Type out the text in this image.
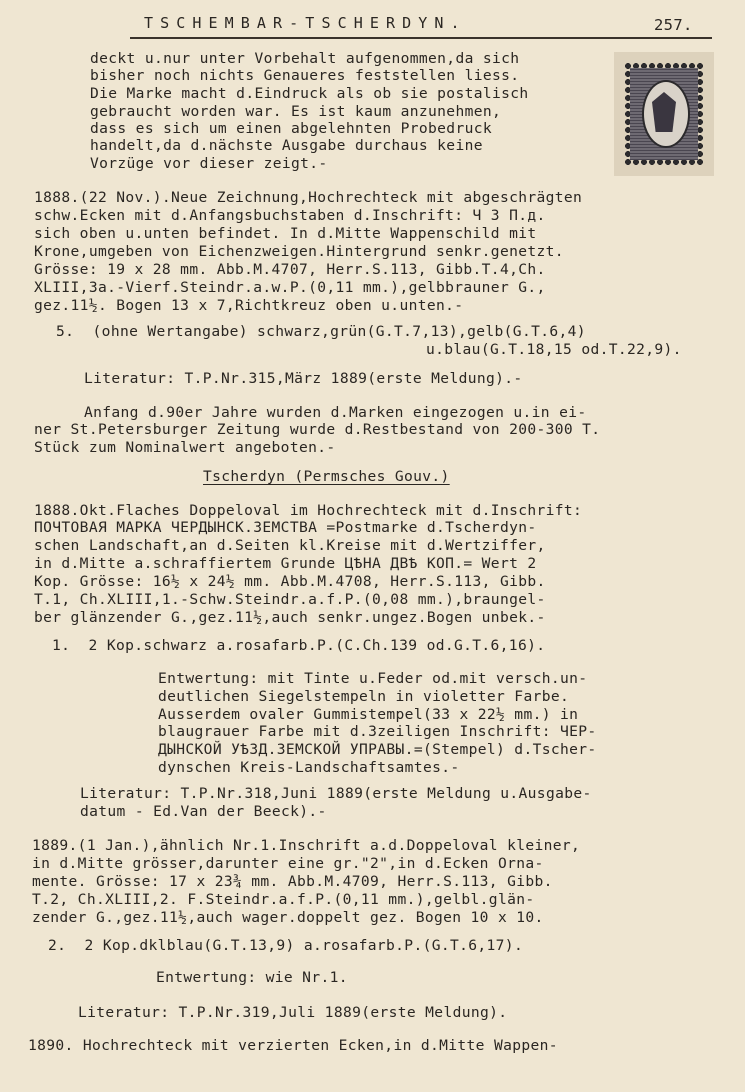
TSCHEMBAR-TSCHERDYN.	257.
deckt u.nur unter Vorbehalt aufgenommen,da sich
bisher noch nichts Genaueres feststellen liess.
Die Marke macht d.Eindruck als ob sie postalisch
gebraucht worden war. Es ist kaum anzunehmen,
dass es sich um einen abgelehnten Probedruck
handelt,da d.nächste Ausgabe durchaus keine
Vorzüge vor dieser zeigt.-
1888.(22 Nov.).Neue Zeichnung,Hochrechteck mit abgeschrägten
schw.Ecken mit d.Anfangsbuchstaben d.Inschrift: Ч З П.д.
sich oben u.unten befindet. In d.Mitte Wappenschild mit
Krone,umgeben von Eichenzweigen.Hintergrund senkr.genetzt.
Grösse: 19 x 28 mm. Abb.M.4707, Herr.S.113, Gibb.T.4,Ch.
XLIII,3a.-Vierf.Steindr.a.w.P.(0,11 mm.),gelbbrauner G.,
gez.11½. Bogen 13 x 7,Richtkreuz oben u.unten.-
5.  (ohne Wertangabe) schwarz,grün(G.T.7,13),gelb(G.T.6,4)
u.blau(G.T.18,15 od.T.22,9).
Literatur: T.P.Nr.315,März 1889(erste Meldung).-
Anfang d.90er Jahre wurden d.Marken eingezogen u.in ei-
ner St.Petersburger Zeitung wurde d.Restbestand von 200-300 T.
Stück zum Nominalwert angeboten.-
Tscherdyn (Permsches Gouv.)
1888.Okt.Flaches Doppeloval im Hochrechteck mit d.Inschrift:
ПОЧТОВАЯ МАРКА ЧЕРДЫНСК.ЗЕМСТВА =Postmarke d.Tscherdyn-
schen Landschaft,an d.Seiten kl.Kreise mit d.Wertziffer,
in d.Mitte a.schraffiertem Grunde ЦѢНА ДВѢ КОП.= Wert 2
Kop. Grösse: 16½ x 24½ mm. Abb.M.4708, Herr.S.113, Gibb.
T.1, Ch.XLIII,1.-Schw.Steindr.a.f.P.(0,08 mm.),braungel-
ber glänzender G.,gez.11½,auch senkr.ungez.Bogen unbek.-
1.  2 Kop.schwarz a.rosafarb.P.(C.Ch.139 od.G.T.6,16).
Entwertung: mit Tinte u.Feder od.mit versch.un-
deutlichen Siegelstempeln in violetter Farbe.
Ausserdem ovaler Gummistempel(33 x 22½ mm.) in
blaugrauer Farbe mit d.3zeiligen Inschrift: ЧЕР-
ДЫНСКОЙ УѢЗД.ЗЕМСКОЙ УПРАВЫ.=(Stempel) d.Tscher-
dynschen Kreis-Landschaftsamtes.-
Literatur: T.P.Nr.318,Juni 1889(erste Meldung u.Ausgabe-
datum - Ed.Van der Beeck).-
1889.(1 Jan.),ähnlich Nr.1.Inschrift a.d.Doppeloval kleiner,
in d.Mitte grösser,darunter eine gr."2",in d.Ecken Orna-
mente. Grösse: 17 x 23¾ mm. Abb.M.4709, Herr.S.113, Gibb.
T.2, Ch.XLIII,2. F.Steindr.a.f.P.(0,11 mm.),gelbl.glän-
zender G.,gez.11½,auch wager.doppelt gez. Bogen 10 x 10.
2.  2 Kop.dklblau(G.T.13,9) a.rosafarb.P.(G.T.6,17).
Entwertung: wie Nr.1.
Literatur: T.P.Nr.319,Juli 1889(erste Meldung).
1890. Hochrechteck mit verzierten Ecken,in d.Mitte Wappen-
